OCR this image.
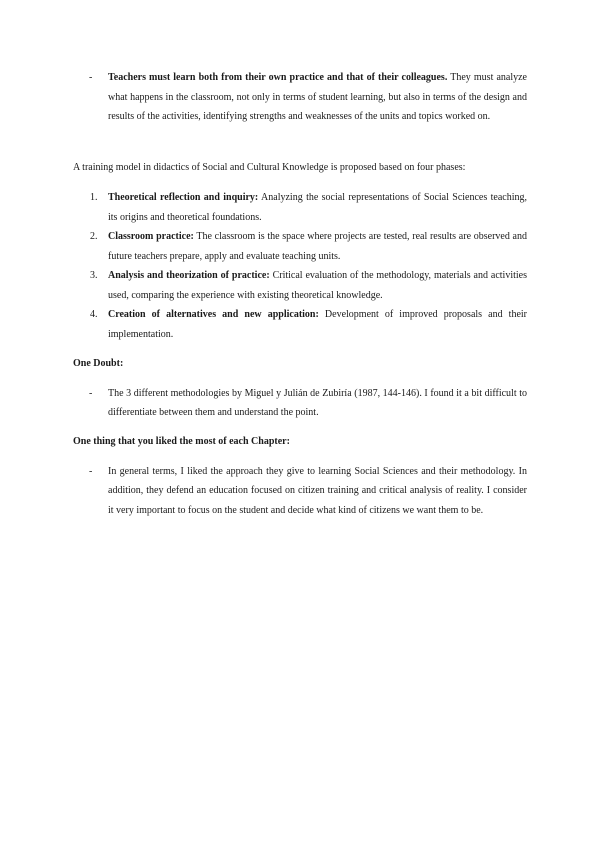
- Teachers must learn both from their own practice and that of their colleagues. They must analyze what happens in the classroom, not only in terms of student learning, but also in terms of the design and results of the activities, identifying strengths and weaknesses of the units and topics worked on.
A training model in didactics of Social and Cultural Knowledge is proposed based on four phases:
1. Theoretical reflection and inquiry: Analyzing the social representations of Social Sciences teaching, its origins and theoretical foundations.
2. Classroom practice: The classroom is the space where projects are tested, real results are observed and future teachers prepare, apply and evaluate teaching units.
3. Analysis and theorization of practice: Critical evaluation of the methodology, materials and activities used, comparing the experience with existing theoretical knowledge.
4. Creation of alternatives and new application: Development of improved proposals and their implementation.
One Doubt:
- The 3 different methodologies by Miguel y Julián de Zubiría (1987, 144-146). I found it a bit difficult to differentiate between them and understand the point.
One thing that you liked the most of each Chapter:
- In general terms, I liked the approach they give to learning Social Sciences and their methodology. In addition, they defend an education focused on citizen training and critical analysis of reality. I consider it very important to focus on the student and decide what kind of citizens we want them to be.
